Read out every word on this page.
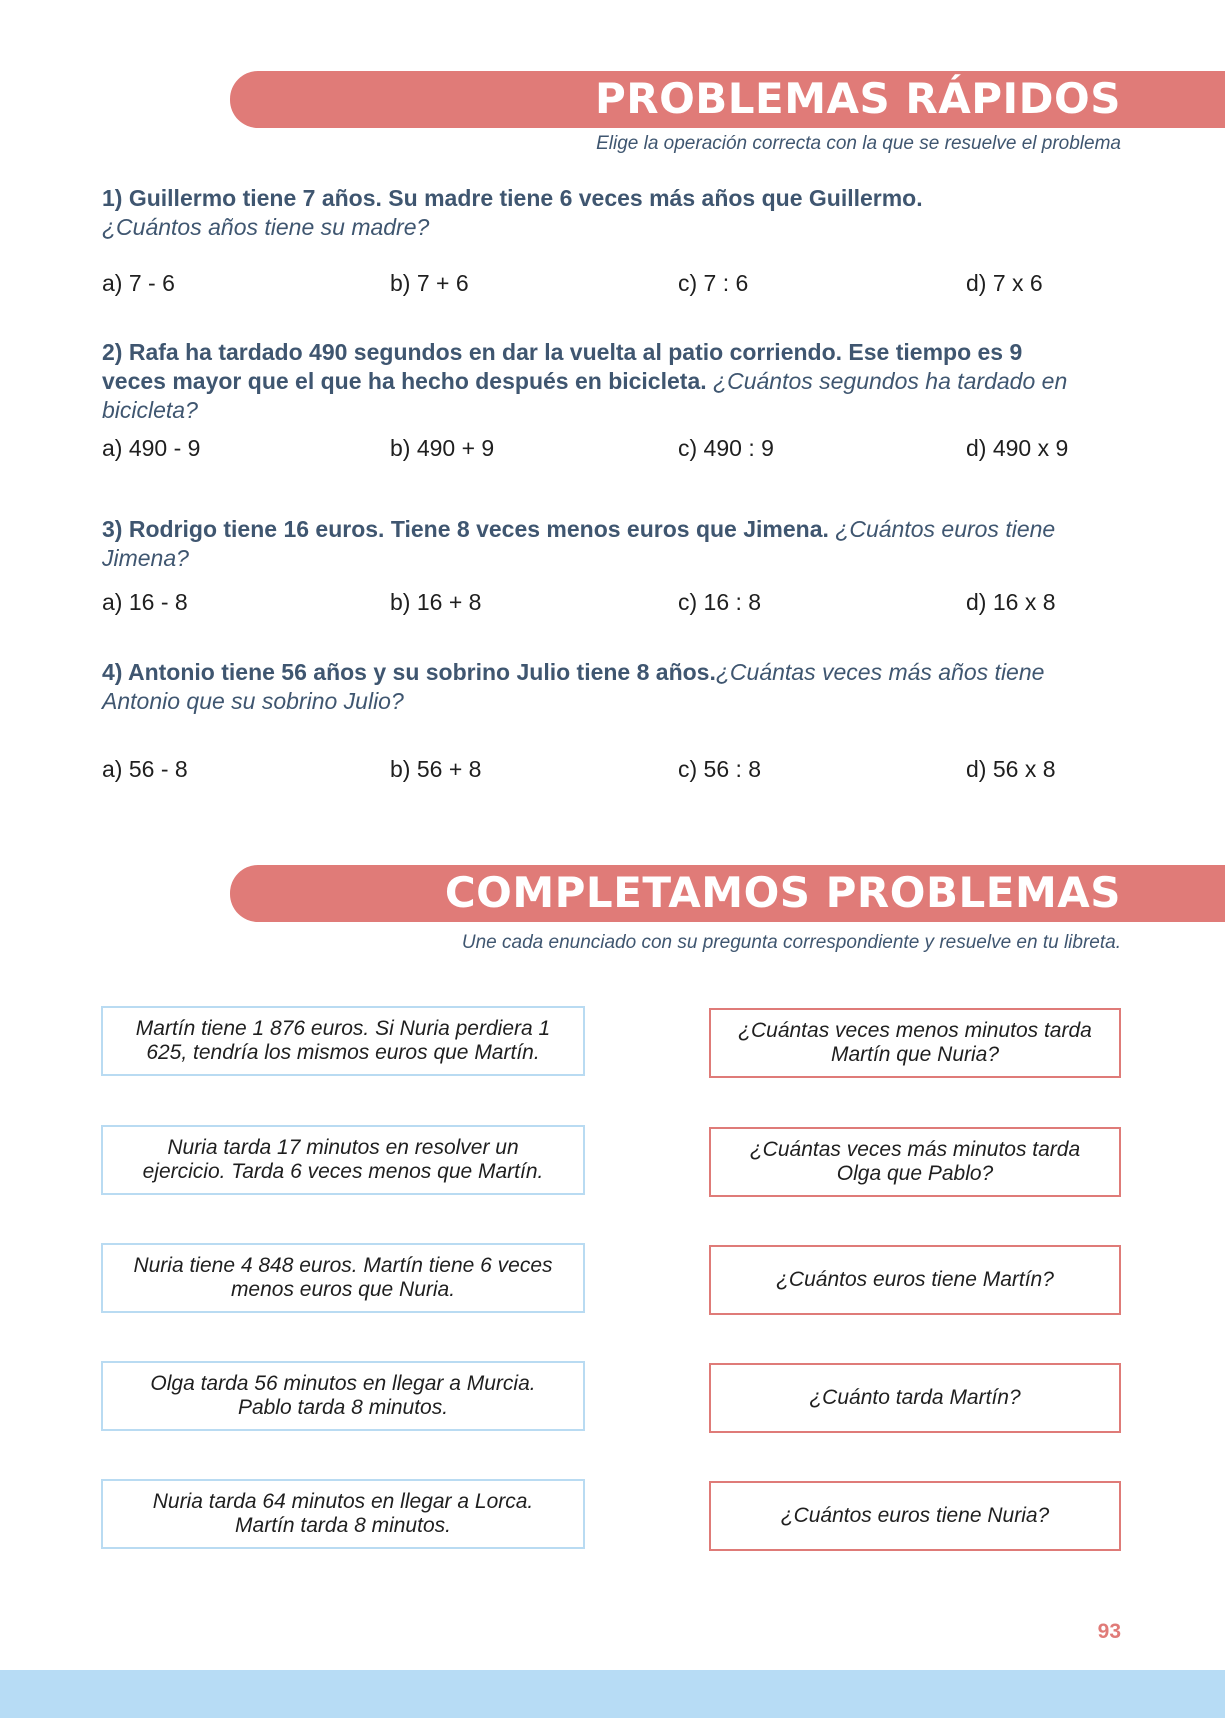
PROBLEMAS RÁPIDOS
Elige la operación correcta con la que se resuelve el problema
1) Guillermo tiene 7 años. Su madre tiene 6 veces más años que Guillermo.
¿Cuántos años tiene su madre?
a) 7 - 6	b) 7 + 6	c) 7 : 6	d) 7 x 6
2) Rafa ha tardado 490 segundos en dar la vuelta al patio corriendo. Ese tiempo es 9 veces mayor que el que ha hecho después en bicicleta. ¿Cuántos segundos ha tardado en bicicleta?
a) 490 - 9	b) 490 + 9	c) 490 : 9	d) 490 x 9
3) Rodrigo tiene 16 euros. Tiene 8 veces menos euros que Jimena. ¿Cuántos euros tiene Jimena?
a) 16 - 8	b) 16 + 8	c) 16 : 8	d) 16 x 8
4) Antonio tiene 56 años y su sobrino Julio tiene 8 años.¿Cuántas veces más años tiene Antonio que su sobrino Julio?
a) 56 - 8	b) 56 + 8	c) 56 : 8	d) 56 x 8
COMPLETAMOS PROBLEMAS
Une cada enunciado con su pregunta correspondiente y resuelve en tu libreta.
Martín tiene 1 876 euros. Si Nuria perdiera 1 625, tendría los mismos euros que Martín.
Nuria tarda 17 minutos en resolver un ejercicio. Tarda 6 veces menos que Martín.
Nuria tiene 4 848 euros. Martín tiene 6 veces menos euros que Nuria.
Olga tarda 56 minutos en llegar a Murcia. Pablo tarda 8 minutos.
Nuria tarda 64 minutos en llegar a Lorca. Martín tarda 8 minutos.
¿Cuántas veces menos minutos tarda Martín que Nuria?
¿Cuántas veces más minutos tarda Olga que Pablo?
¿Cuántos euros tiene Martín?
¿Cuánto tarda Martín?
¿Cuántos euros tiene Nuria?
93
